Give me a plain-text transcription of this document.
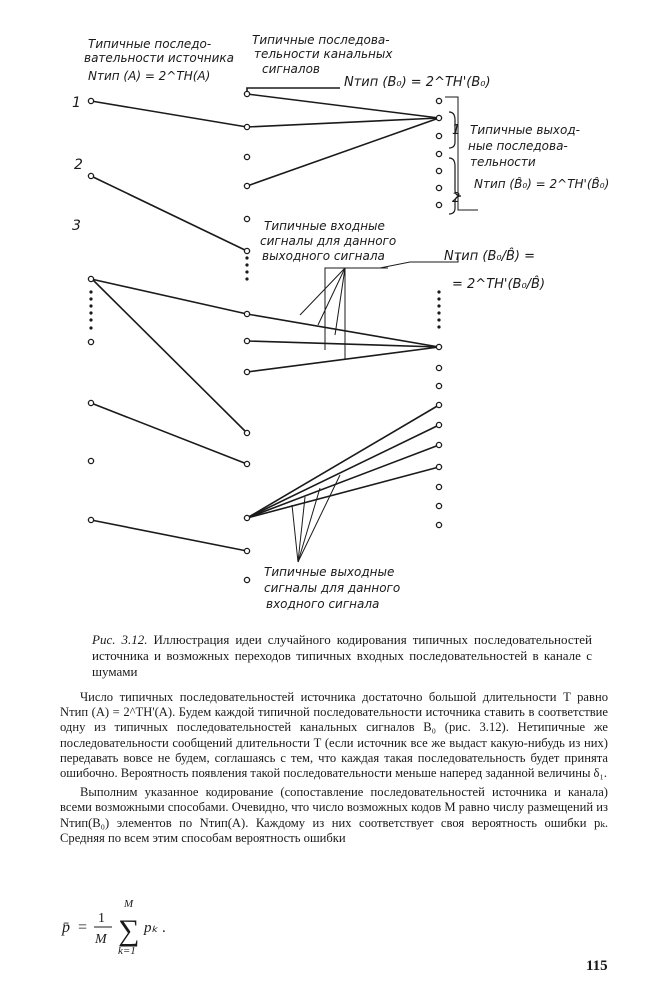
Типичные последо-
вательности источника
Nтип (A) = 2^TH(A)
Типичные последова-
тельности канальных
сигналов
Nтип (B₀) = 2^TH'(B₀)
Типичные выход-
ные последова-
тельности
Nтип (B̂₀) = 2^TH'(B̂₀)
Типичные входные
сигналы для данного
выходного сигнала	Nтип (B₀/B̂) =
= 2^TH'(B₀/B̂)
Типичные выходные
сигналы для данного
входного сигнала
1
2
3
1
2
Рис. 3.12. Иллюстрация идеи случайного кодирования типичных последовательностей источника и возможных переходов типичных входных последовательностей в канале с шумами

Число типичных последовательностей источника достаточно большой длительности T равно Nтип (A) = 2^TH'(A). Будем каждой типичной последовательности источника ставить в соответствие одну из типичных последовательностей канальных сигналов B₀ (рис. 3.12). Нетипичные же последовательности сообщений длительности T (если источник все же выдаст какую-нибудь из них) передавать вовсе не будем, соглашаясь с тем, что каждая такая последовательность будет принята ошибочно. Вероятность появления такой последовательности меньше наперед заданной величины δ₁.

Выполним указанное кодирование (сопоставление последовательностей источника и канала) всеми возможными способами. Очевидно, что число возможных кодов M равно числу размещений из Nтип(B₀) элементов по Nтип(A). Каждому из них соответствует своя вероятность ошибки pₖ. Средняя по всем этим способам вероятность ошибки

p̄ =
1
M
M
∑
k=1
pₖ .
115
